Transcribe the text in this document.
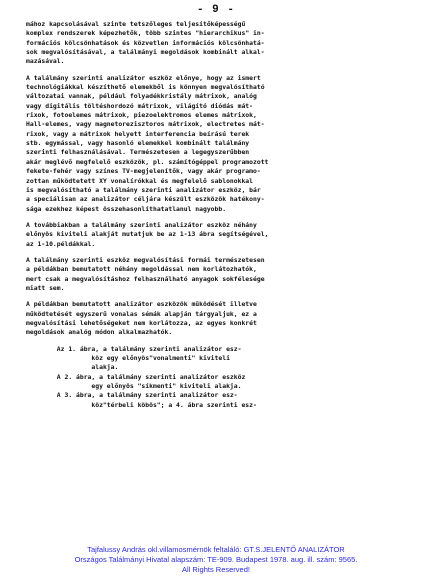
- 9 -
mához kapcsolásával szinte tetszőleges teljesítőképességű
komplex rendszerek képezhetők, több szintes "hierarchikus" in-
formációs kölcsönhatások és közvetlen információs kölcsönhatá-
sok megvalósításával, a találmányi megoldások kombinált alkal-
mazásával.
A találmány szerinti analizátor eszköz előnye, hogy az ismert
technológiákkal készíthető elemekből is könnyen megvalósítható
változatai vannak, például folyadékkristály mátrixok, analóg
vagy digitális töltéshordozó mátrixok, világító diódás mát-
rixok, fotoelemes mátrixok, piezoelektromos elemes mátrixok,
Hall-elemes, vagy magnetorezisztoros mátrixok, electretes mát-
rixok, vagy a mátrixok helyett interferencia beírású terek
stb. egymással, vagy hasonló elemekkel kombinált találmány
szerinti felhasználásával. Természetesen a legegyszerűbben
akár meglévő megfelelő eszközök, pl. számítógéppel programozott
fekete-fehér vagy színes TV-megjelenítők, vagy akár programo-
zottan működtetett XY vonalírókkal és megfelelő sablonokkal
is megvalósítható a találmány szerinti analizátor eszköz, bár
a speciálisan az analizátor céljára készült eszközök hatékony-
sága ezekhez képest összehasonlíthatatlanul nagyobb.
A továbbiakban a találmány szerinti analizátor eszköz néhány
előnyös kiviteli alakját mutatjuk be az 1-13 ábra segítségével,
az 1-10.példákkal.
A találmány szerinti eszköz megvalósítási formái természetesen
a példákban bemutatott néhány megoldással nem korlátozhatók,
mert csak a megvalósításhoz felhasználható anyagok sokfélesége
miatt sem.
A példákban bemutatott analizátor eszközök működését illetve
működtetését egyszerű vonalas sémák alapján tárgyaljuk, ez a
megvalósítási lehetőségeket nem korlátozza, az egyes konkrét
megoldások analóg módon alkalmazhatók.
Az 1. ábra, a találmány szerinti analizátor esz-
köz egy előnyös"vonalmenti" kiviteli
alakja.
A 2. ábra, a találmány szerinti analizátor eszköz
egy előnyös "síkmenti" kiviteli alakja.
A 3. ábra, a találmány szerinti analizátor esz-
köz"térbeli köbös"; a 4. ábra szerinti esz-
Tajfalussy András okl.villamosmérnök feltaláló: GT.S.JELENTŐ ANALIZÁTOR
Országos Találmányi Hivatal alapszám: TE-909. Budapest 1978. aug. ill. szám: 9565.
All Rights Reserved!
